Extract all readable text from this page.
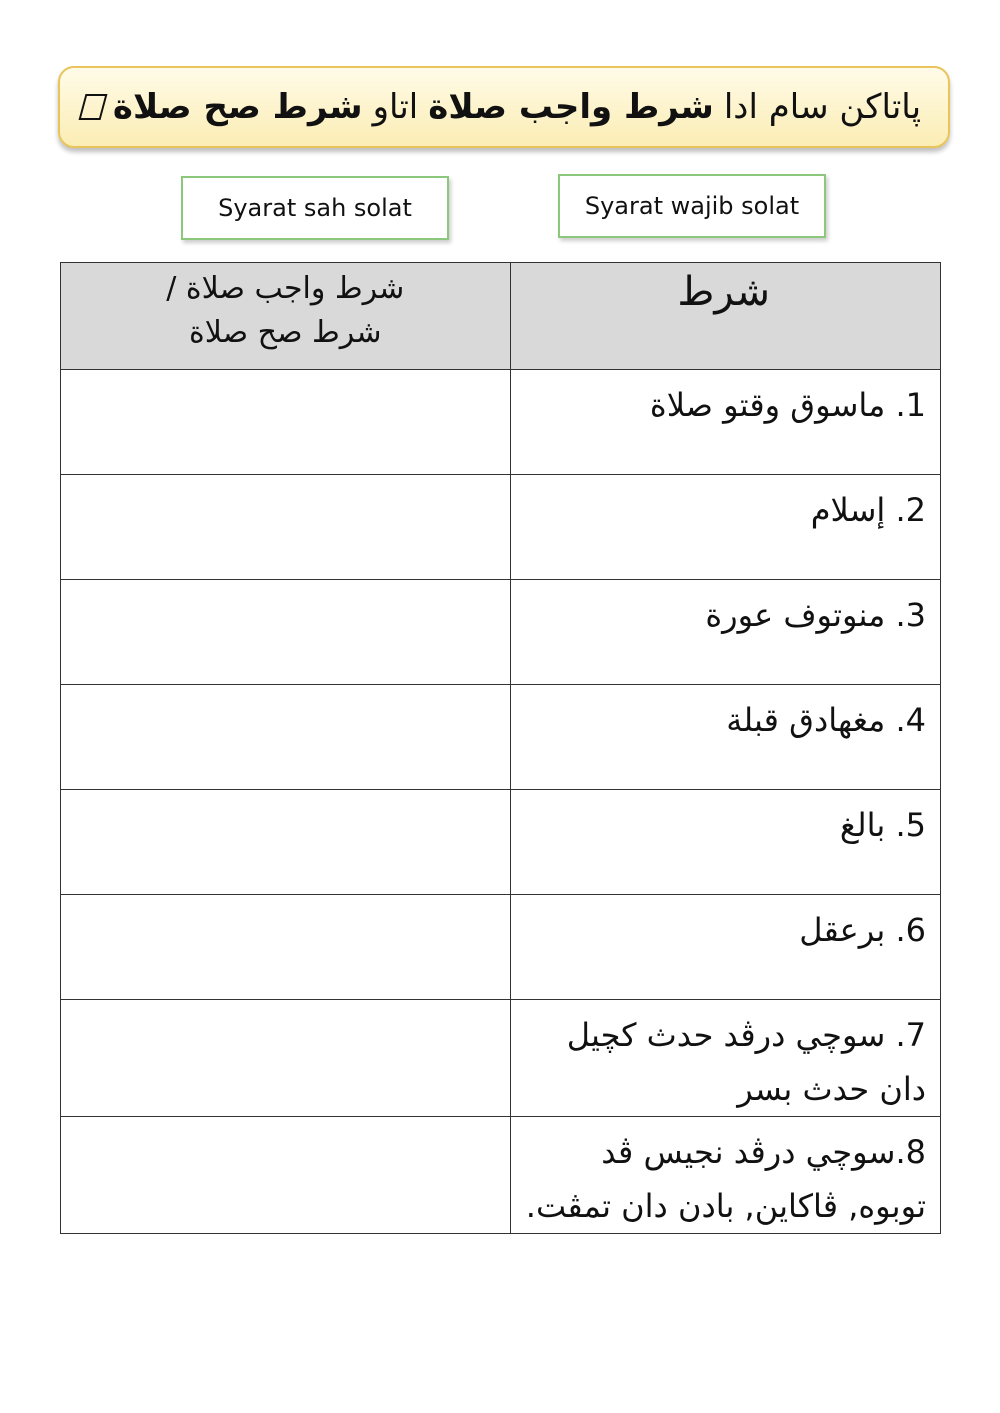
پاتاکن سام ادا
شرط واجب صلاة
اتاو
شرط صح صلاة
Syarat sah solat	Syarat wajib solat
شرط	شرط واجب صلاة /
شرط صح صلاة

1. ماسوق وقتو صلاة	

2. إسلام	

3. منوتوف عورة	

4. مغهادق قبلة	

5. بالغ	

6. برعقل	

7. سوچي درڤد حدث کچيل دان حدث بسر	

8.سوچي درڤد نجيس ڤد توبوه, ڤاکاين, بادن دان تمڤت.	
